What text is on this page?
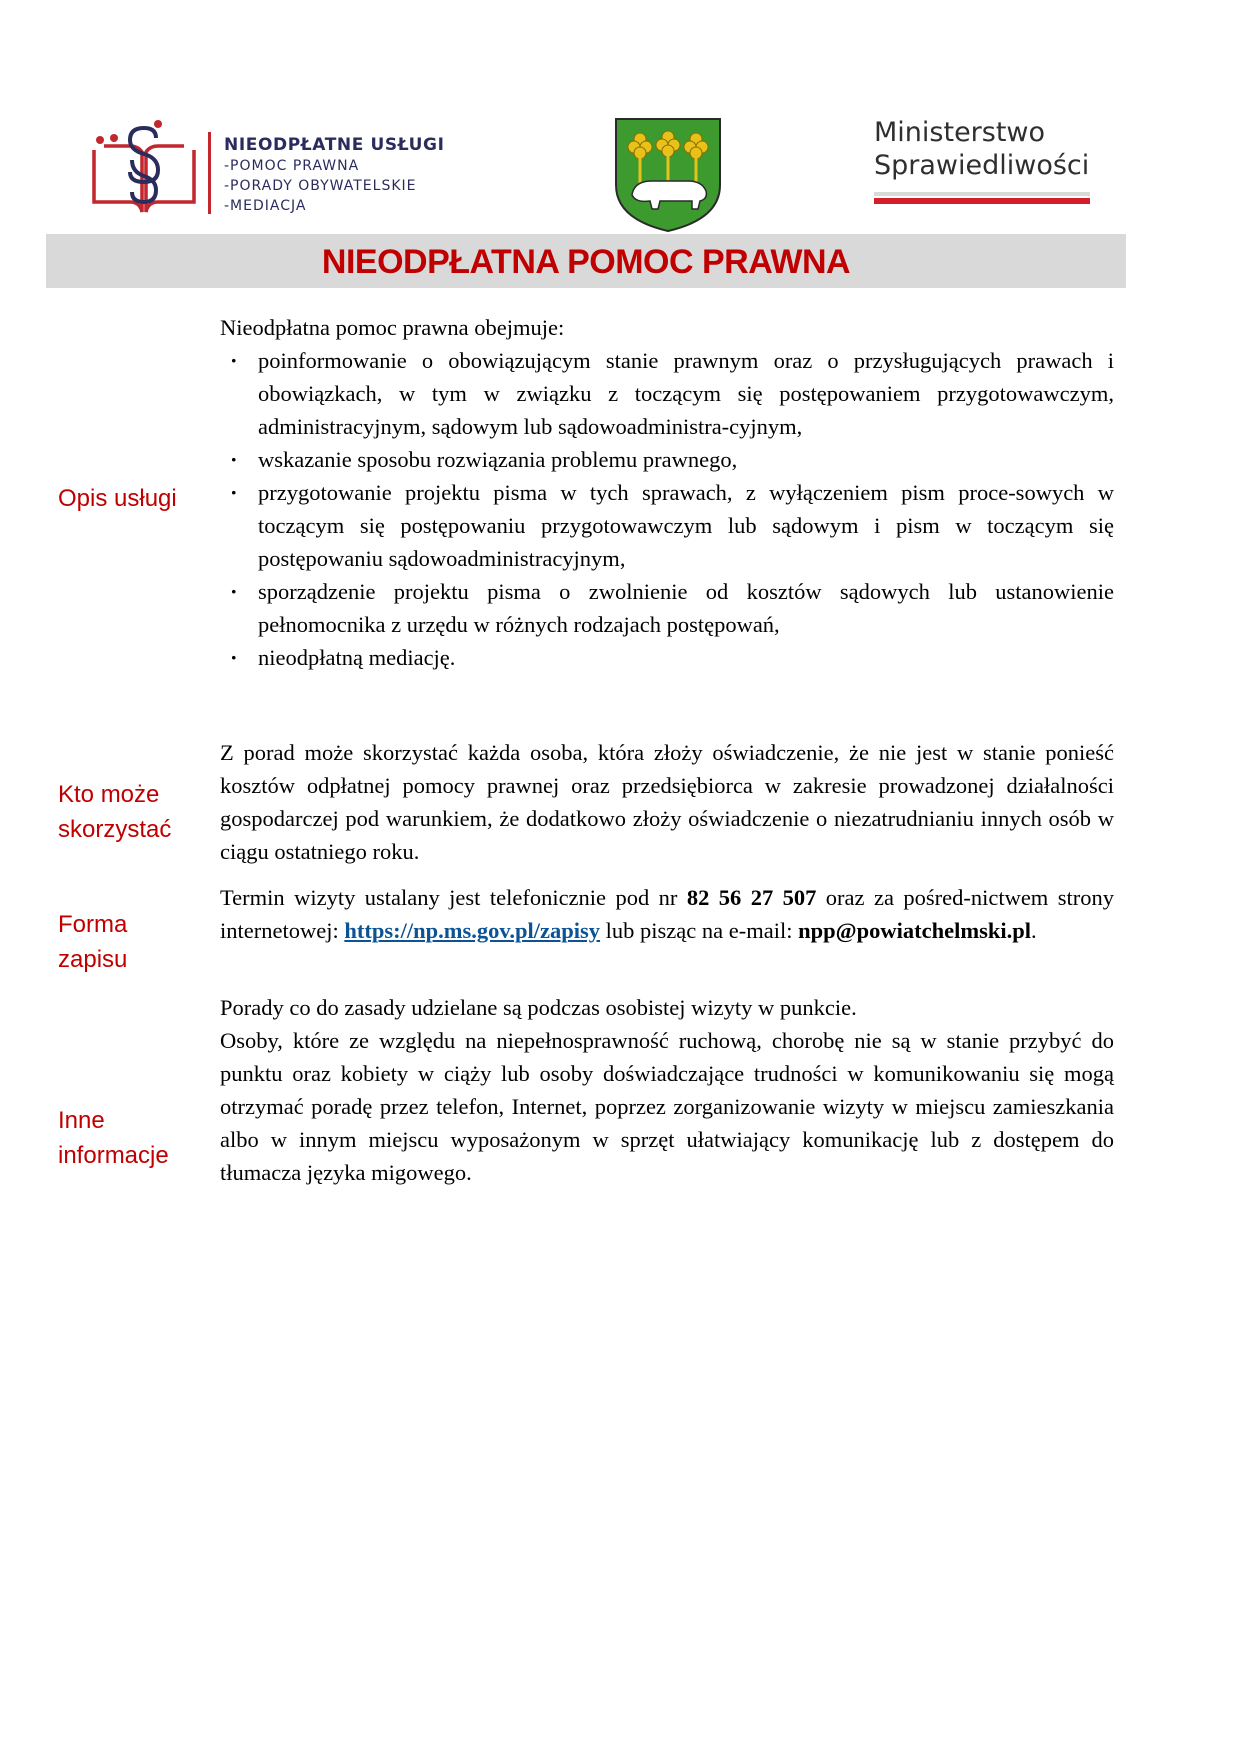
NIEODPŁATNE USŁUGI
-POMOC PRAWNA
-PORADY OBYWATELSKIE
-MEDIACJA
Ministerstwo
Sprawiedliwości
NIEODPŁATNA POMOC PRAWNA
Opis usługi
Kto może
skorzystać
Forma
zapisu
Inne
informacje

Nieodpłatna pomoc prawna obejmuje:

· poinformowanie o obowiązującym stanie prawnym oraz o przysługujących prawach i obowiązkach, w tym w związku z toczącym się postępowaniem przygotowawczym, administracyjnym, sądowym lub sądowoadministra-cyjnym,
· wskazanie sposobu rozwiązania problemu prawnego,
· przygotowanie projektu pisma w tych sprawach, z wyłączeniem pism proce-sowych w toczącym się postępowaniu przygotowawczym lub sądowym i pism w toczącym się postępowaniu sądowoadministracyjnym,
· sporządzenie projektu pisma o zwolnienie od kosztów sądowych lub ustanowienie pełnomocnika z urzędu w różnych rodzajach postępowań,
· nieodpłatną mediację.

Z porad może skorzystać każda osoba, która złoży oświadczenie, że nie jest w stanie ponieść kosztów odpłatnej pomocy prawnej oraz przedsiębiorca w zakresie prowadzonej działalności gospodarczej pod warunkiem, że dodatkowo złoży oświadczenie o niezatrudnianiu innych osób w ciągu ostatniego roku.

Termin wizyty ustalany jest telefonicznie pod nr 82 56 27 507 oraz za pośred-nictwem strony internetowej: https://np.ms.gov.pl/zapisy lub pisząc na e-mail: npp@powiatchelmski.pl.

Porady co do zasady udzielane są podczas osobistej wizyty w punkcie.

Osoby, które ze względu na niepełnosprawność ruchową, chorobę nie są w stanie przybyć do punktu oraz kobiety w ciąży lub osoby doświadczające trudności w komunikowaniu się mogą otrzymać poradę przez telefon, Internet, poprzez zorganizowanie wizyty w miejscu zamieszkania albo w innym miejscu wyposażonym w sprzęt ułatwiający komunikację lub z dostępem do tłumacza języka migowego.
